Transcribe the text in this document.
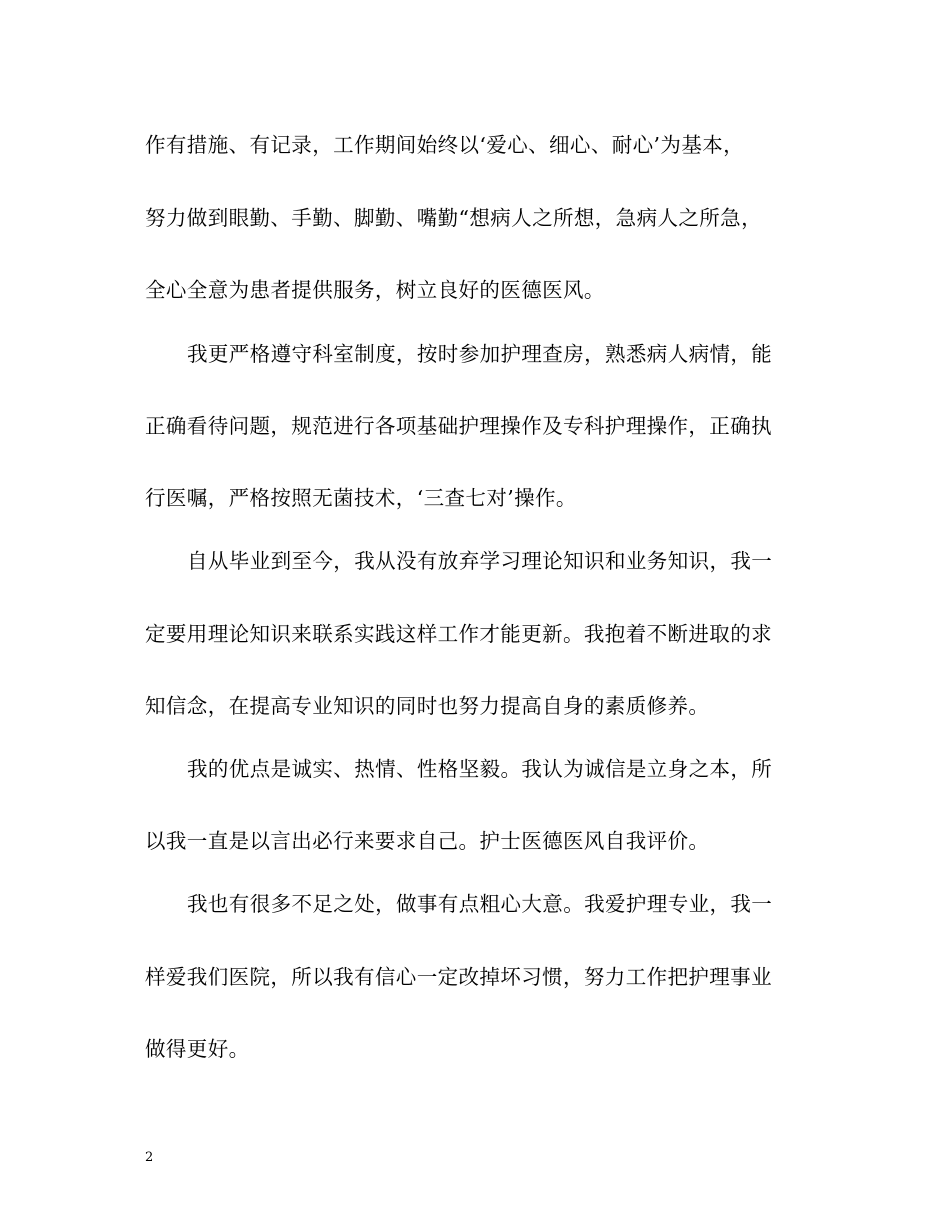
作有措施、有记录，工作期间始终以‘爱心、细心、耐心’为基本，
努力做到眼勤、手勤、脚勤、嘴勤“想病人之所想，急病人之所急，
全心全意为患者提供服务，树立良好的医德医风。
我更严格遵守科室制度，按时参加护理查房，熟悉病人病情，能
正确看待问题，规范进行各项基础护理操作及专科护理操作，正确执
行医嘱，严格按照无菌技术，‘三查七对’操作。
自从毕业到至今，我从没有放弃学习理论知识和业务知识，我一
定要用理论知识来联系实践这样工作才能更新。我抱着不断进取的求
知信念，在提高专业知识的同时也努力提高自身的素质修养。
我的优点是诚实、热情、性格坚毅。我认为诚信是立身之本，所
以我一直是以言出必行来要求自己。护士医德医风自我评价。
我也有很多不足之处，做事有点粗心大意。我爱护理专业，我一
样爱我们医院，所以我有信心一定改掉坏习惯，努力工作把护理事业
做得更好。
2
